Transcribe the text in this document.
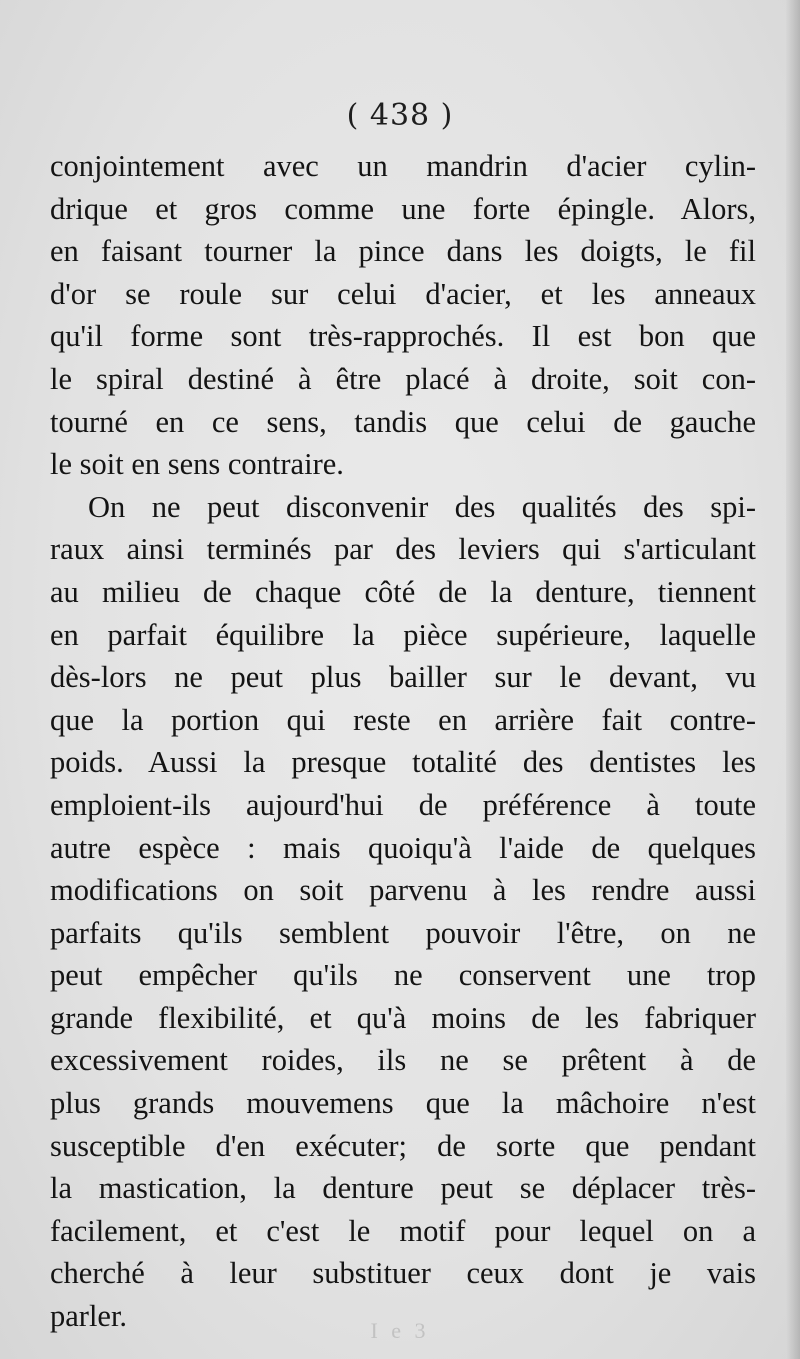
( 438 )
conjointement avec un mandrin d'acier cylin-
drique et gros comme une forte épingle. Alors,
en faisant tourner la pince dans les doigts, le fil
d'or se roule sur celui d'acier, et les anneaux
qu'il forme sont très-rapprochés. Il est bon que
le spiral destiné à être placé à droite, soit con-
tourné en ce sens, tandis que celui de gauche
le soit en sens contraire.
On ne peut disconvenir des qualités des spi-
raux ainsi terminés par des leviers qui s'articulant
au milieu de chaque côté de la denture, tiennent
en parfait équilibre la pièce supérieure, laquelle
dès-lors ne peut plus bailler sur le devant, vu
que la portion qui reste en arrière fait contre-
poids. Aussi la presque totalité des dentistes les
emploient-ils aujourd'hui de préférence à toute
autre espèce : mais quoiqu'à l'aide de quelques
modifications on soit parvenu à les rendre aussi
parfaits qu'ils semblent pouvoir l'être, on ne
peut empêcher qu'ils ne conservent une trop
grande flexibilité, et qu'à moins de les fabriquer
excessivement roides, ils ne se prêtent à de
plus grands mouvemens que la mâchoire n'est
susceptible d'en exécuter; de sorte que pendant
la mastication, la denture peut se déplacer très-
facilement, et c'est le motif pour lequel on a
cherché à leur substituer ceux dont je vais
parler.	I e 3
